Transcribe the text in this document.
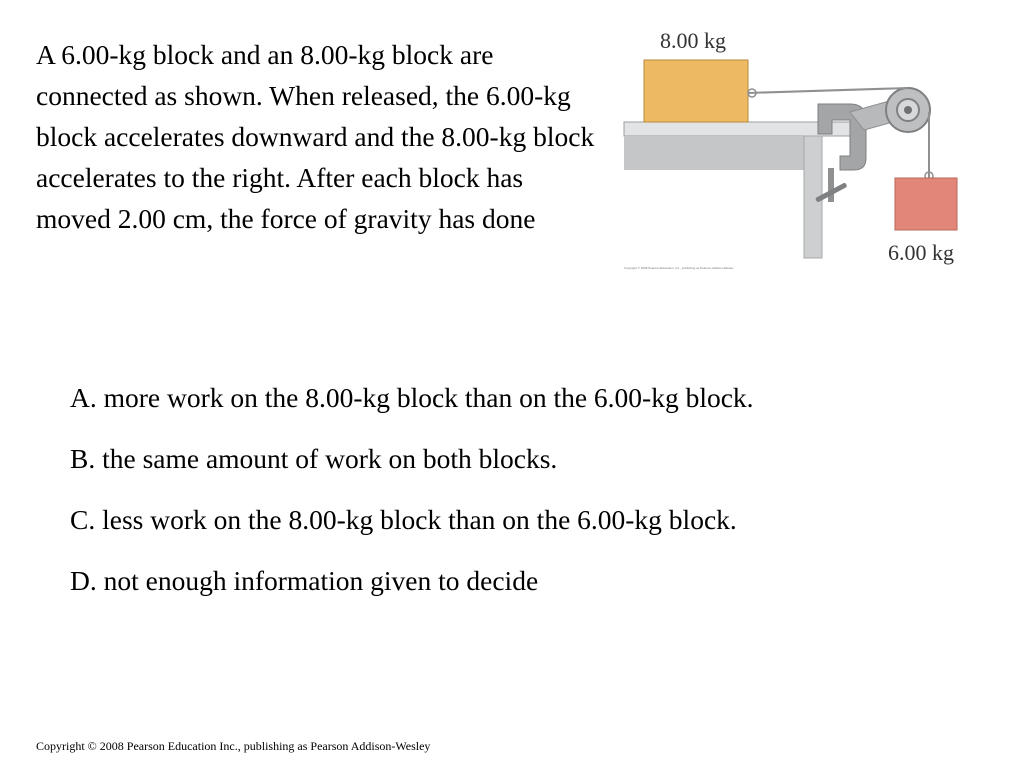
A 6.00-kg block and an 8.00-kg block are connected as shown. When released, the 6.00-kg block accelerates downward and the 8.00-kg block accelerates to the right. After each block has moved 2.00 cm, the force of gravity has done

8.00 kg
6.00 kg
Copyright © 2008 Pearson Education, Inc., publishing as Pearson Addison-Wesley
A. more work on the 8.00-kg block than on the 6.00-kg block.
B. the same amount of work on both blocks.
C. less work on the 8.00-kg block than on the 6.00-kg block.
D. not enough information given to decide
Copyright © 2008 Pearson Education Inc., publishing as Pearson Addison-Wesley
